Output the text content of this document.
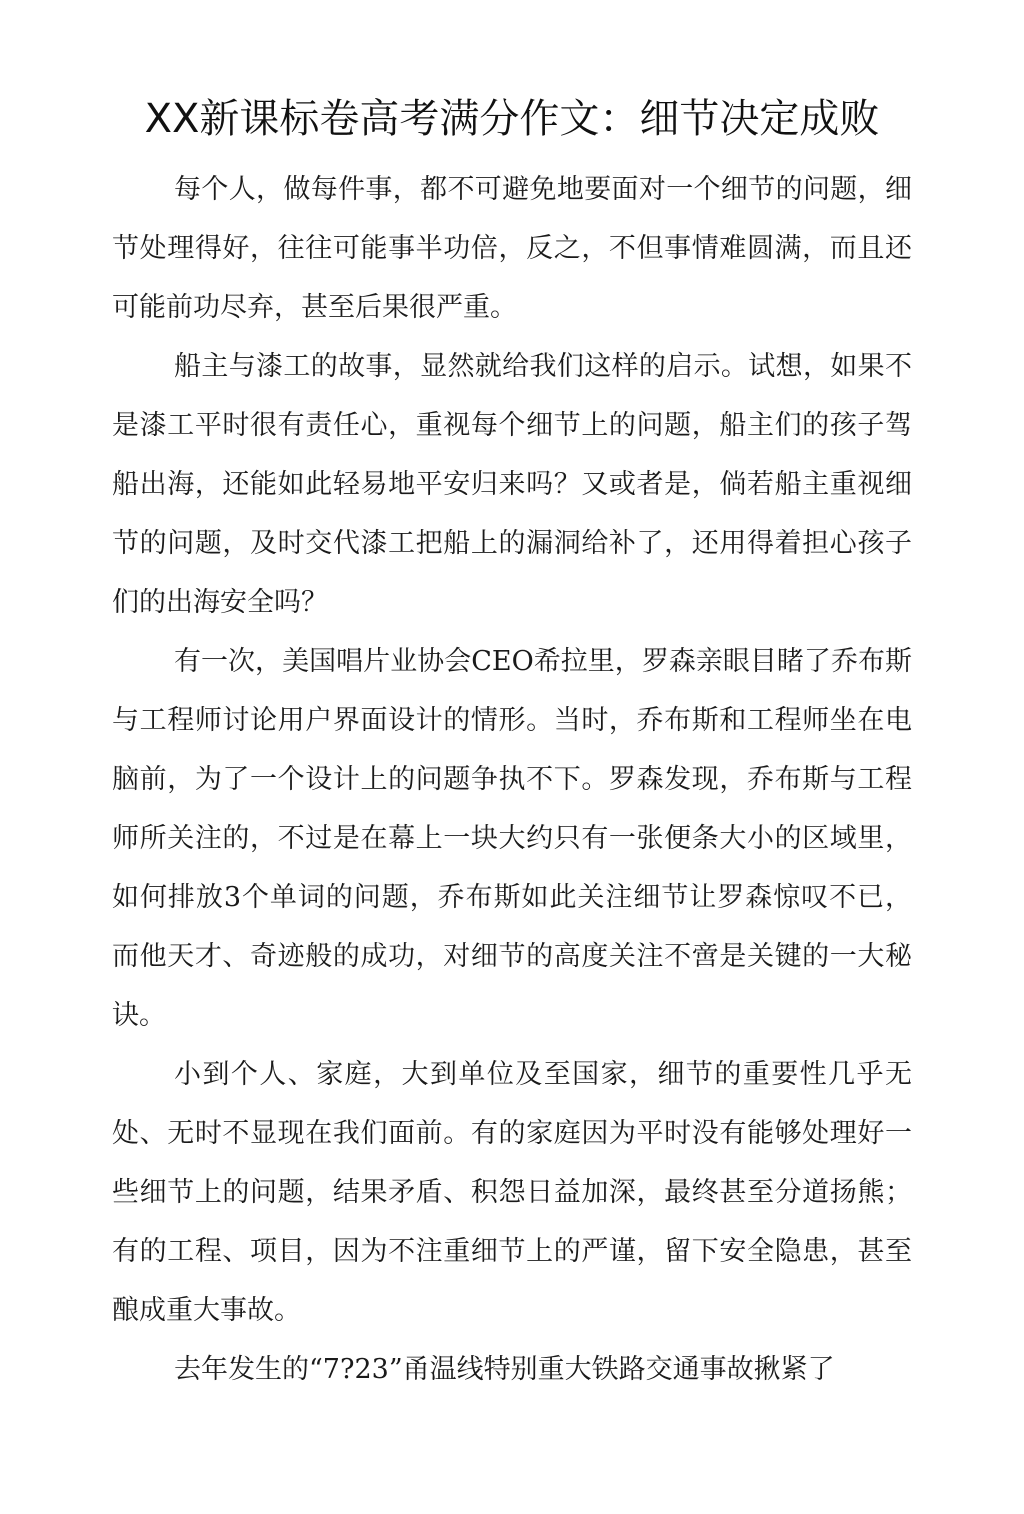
XX新课标卷高考满分作文：细节决定成败

每个人，做每件事，都不可避免地要面对一个细节的问题，细节处理得好，往往可能事半功倍，反之，不但事情难圆满，而且还可能前功尽弃，甚至后果很严重。

船主与漆工的故事，显然就给我们这样的启示。试想，如果不是漆工平时很有责任心，重视每个细节上的问题，船主们的孩子驾船出海，还能如此轻易地平安归来吗？又或者是，倘若船主重视细节的问题，及时交代漆工把船上的漏洞给补了，还用得着担心孩子们的出海安全吗？

有一次，美国唱片业协会CEO希拉里，罗森亲眼目睹了乔布斯与工程师讨论用户界面设计的情形。当时，乔布斯和工程师坐在电脑前，为了一个设计上的问题争执不下。罗森发现，乔布斯与工程师所关注的，不过是在幕上一块大约只有一张便条大小的区域里，如何排放3个单词的问题，乔布斯如此关注细节让罗森惊叹不已，而他天才、奇迹般的成功，对细节的高度关注不啻是关键的一大秘诀。

小到个人、家庭，大到单位及至国家，细节的重要性几乎无处、无时不显现在我们面前。有的家庭因为平时没有能够处理好一些细节上的问题，结果矛盾、积怨日益加深，最终甚至分道扬熊；有的工程、项目，因为不注重细节上的严谨，留下安全隐患，甚至酿成重大事故。

去年发生的“7?23”甬温线特别重大铁路交通事故揪紧了
